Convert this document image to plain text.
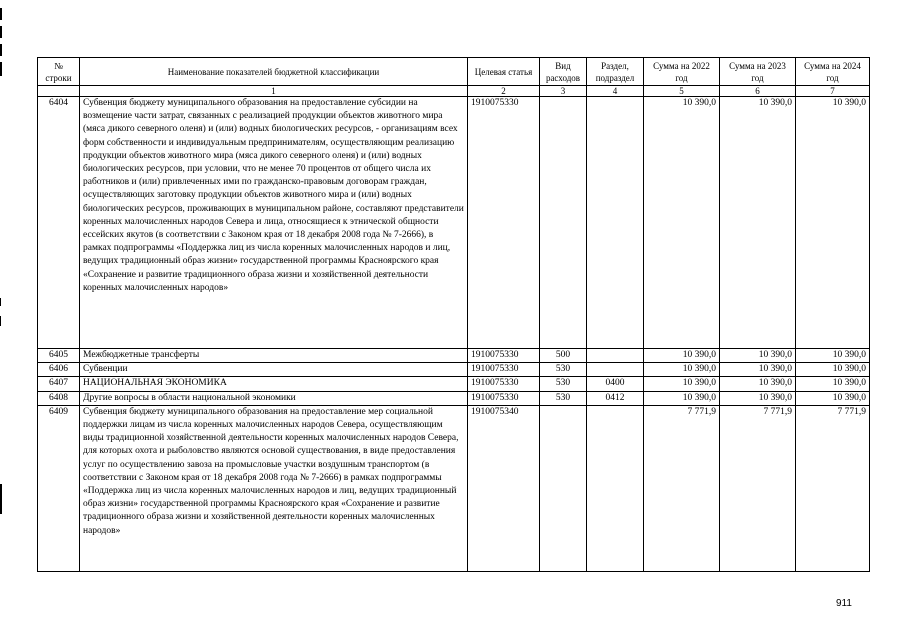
№ строки	Наименование показателей бюджетной классификации	Целевая статья	Вид расходов	Раздел, подраздел	Сумма на 2022 год	Сумма на 2023 год	Сумма на 2024 год
	1	2	3	4	5	6	7
6404	Субвенция бюджету муниципального образования на предоставление субсидии на возмещение части затрат, связанных с реализацией продукции объектов животного мира (мяса дикого северного оленя) и (или) водных биологических ресурсов, - организациям всех форм собственности и индивидуальным предпринимателям, осуществляющим реализацию продукции объектов животного мира (мяса дикого северного оленя) и (или) водных биологических ресурсов, при условии, что не менее 70 процентов от общего числа их работников и (или) привлеченных ими по гражданско-правовым договорам граждан, осуществляющих заготовку продукции объектов животного мира и (или) водных биологических ресурсов, проживающих в муниципальном районе, составляют представители коренных малочисленных народов Севера и лица, относящиеся к этнической общности ессейских якутов (в соответствии с Законом края от 18 декабря 2008 года № 7-2666), в рамках подпрограммы «Поддержка лиц из числа коренных малочисленных народов и лиц, ведущих традиционный образ жизни» государственной программы Красноярского края «Сохранение и развитие традиционного образа жизни и хозяйственной деятельности коренных малочисленных народов»	1910075330			10 390,0	10 390,0	10 390,0
6405	Межбюджетные трансферты	1910075330	500		10 390,0	10 390,0	10 390,0
6406	Субвенции	1910075330	530		10 390,0	10 390,0	10 390,0
6407	НАЦИОНАЛЬНАЯ ЭКОНОМИКА	1910075330	530	0400	10 390,0	10 390,0	10 390,0
6408	Другие вопросы в области национальной экономики	1910075330	530	0412	10 390,0	10 390,0	10 390,0
6409	Субвенция бюджету муниципального образования на предоставление мер социальной поддержки лицам из числа коренных малочисленных народов Севера, осуществляющим виды традиционной хозяйственной деятельности коренных малочисленных народов Севера, для которых охота и рыболовство являются основой существования, в виде предоставления услуг по осуществлению завоза на промысловые участки воздушным транспортом (в соответствии с Законом края от 18 декабря 2008 года № 7-2666) в рамках подпрограммы «Поддержка лиц из числа коренных малочисленных народов и лиц, ведущих традиционный образ жизни» государственной программы Красноярского края «Сохранение и развитие традиционного образа жизни и хозяйственной деятельности коренных малочисленных народов»	1910075340			7 771,9	7 771,9	7 771,9
911
